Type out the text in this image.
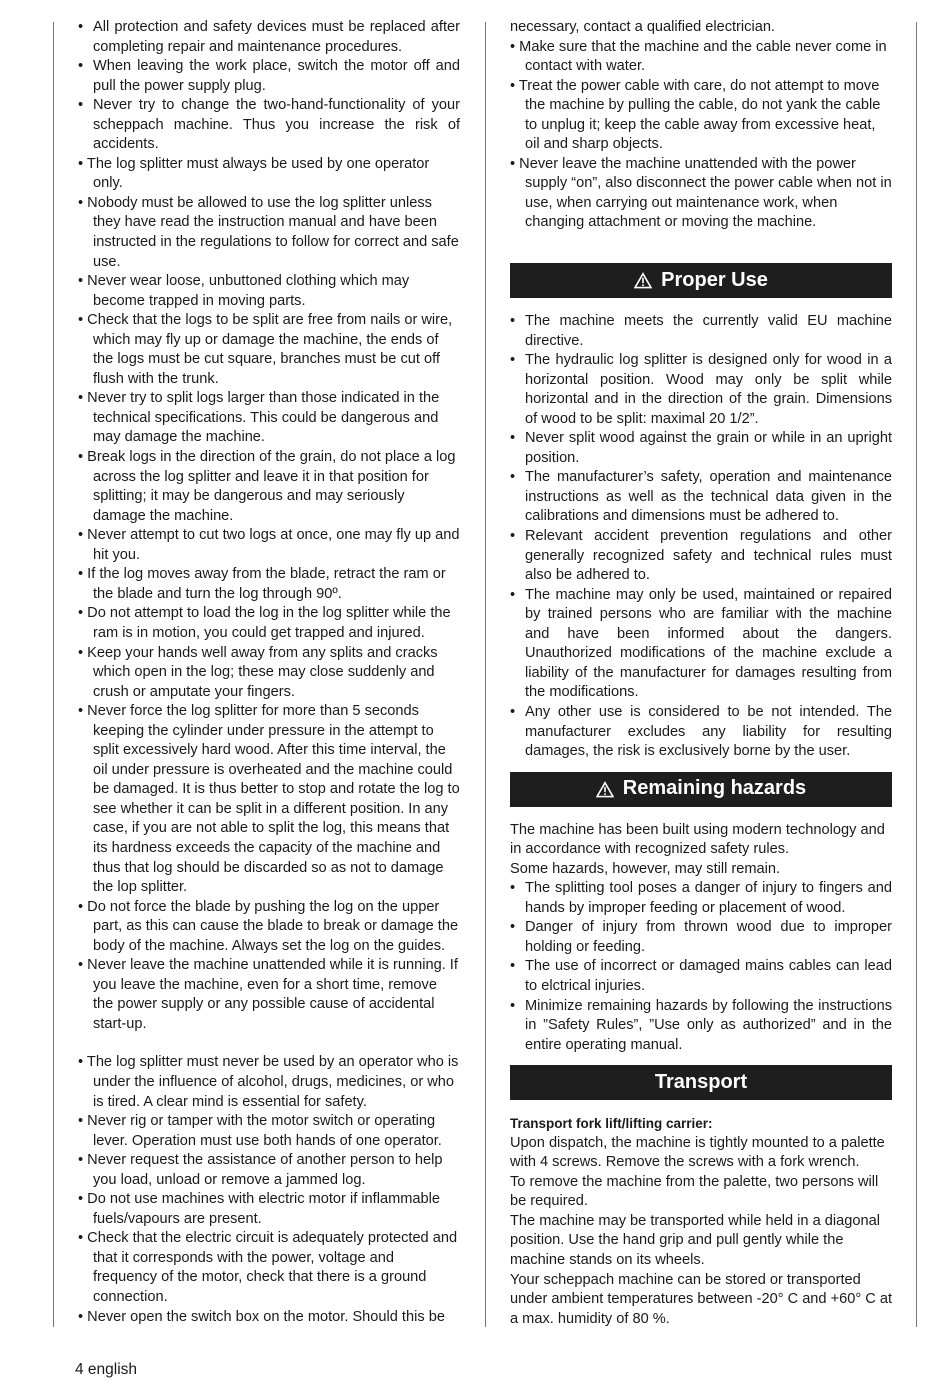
• All protection and safety devices must be replaced after completing repair and maintenance procedures.

• When leaving the work place, switch the motor off and pull the power supply plug.

• Never try to change the two-hand-functionality of your scheppach machine. Thus you increase the risk of accidents.

• The log splitter must always be used by one operator only.

• Nobody must be allowed to use the log splitter unless they have read the instruction manual and have been instructed in the regulations to follow for correct and safe use.

• Never wear loose, unbuttoned clothing which may become trapped in moving parts.

• Check that the logs to be split are free from nails or wire, which may fly up or damage the machine, the ends of the logs must be cut square, branches must be cut off flush with the trunk.

• Never try to split logs larger than those indicated in the technical specifications. This could be dangerous and may damage the machine.

• Break logs in the direction of the grain, do not place a log across the log splitter and leave it in that position for splitting; it may be dangerous and may seriously damage the machine.

• Never attempt to cut two logs at once, one may fly up and hit you.

• If the log moves away from the blade, retract the ram or the blade and turn the log through 90º.

• Do not attempt to load the log in the log splitter while the ram is in motion, you could get trapped and injured.

• Keep your hands well away from any splits and cracks which open in the log; these may close suddenly and crush or amputate your fingers.

• Never force the log splitter for more than 5 seconds keeping the cylinder under pressure in the attempt to split excessively hard wood. After this time interval, the oil under pressure is overheated and the machine could be damaged. It is thus better to stop and rotate the log to see whether it can be split in a different position. In any case, if you are not able to split the log, this means that its hardness exceeds the capacity of the machine and thus that log should be discarded so as not to damage the lop splitter.

• Do not force the blade by pushing the log on the upper part, as this can cause the blade to break or damage the body of the machine. Always set the log on the guides.

• Never leave the machine unattended while it is running. If you leave the machine, even for a short time, remove the power supply or any possible cause of accidental start-up.

• The log splitter must never be used by an operator who is under the influence of alcohol, drugs, medicines, or who is tired. A clear mind is essential for safety.

• Never rig or tamper with the motor switch or operating lever. Operation must use both hands of one operator.

• Never request the assistance of another person to help you load, unload or remove a jammed log.

• Do not use machines with electric motor if inflammable fuels/vapours are present.

• Check that the electric circuit is adequately protected and that it corresponds with the power, voltage and frequency of the motor, check that there is a ground connection.

• Never open the switch box on the motor. Should this be

necessary, contact a qualified electrician.

• Make sure that the machine and the cable never come in contact with water.

• Treat the power cable with care, do not attempt to move the machine by pulling the cable, do not yank the cable to unplug it; keep the cable away from excessive heat, oil and sharp objects.

• Never leave the machine unattended with the power supply “on”, also disconnect the power cable when not in use, when carrying out maintenance work, when changing attachment or moving the machine.

Proper Use

• The machine meets the currently valid EU machine directive.

• The hydraulic log splitter is designed only for wood in a horizontal position. Wood may only be split while horizontal and in the direction of the grain. Dimensions of wood to be split: maximal 20 1/2”.

• Never split wood against the grain or while in an upright position.

• The manufacturer’s safety, operation and maintenance instructions as well as the technical data given in the calibrations and dimensions must be adhered to.

• Relevant accident prevention regulations and other generally recognized safety and technical rules must also be adhered to.

• The machine may only be used, maintained or repaired by trained persons who are familiar with the machine and have been informed about the dangers. Unauthorized modifications of the machine exclude a liability of the manufacturer for damages resulting from the modifications.

• Any other use is considered to be not intended. The manufacturer excludes any liability for resulting damages, the risk is exclusively borne by the user.

Remaining hazards

The machine has been built using modern technology and in accordance with recognized safety rules.

Some hazards, however, may still remain.

• The splitting tool poses a danger of injury to fingers and hands by improper feeding or placement of wood.

• Danger of injury from thrown wood due to improper holding or feeding.

• The use of incorrect or damaged mains cables can lead to elctrical injuries.

• Minimize remaining hazards by following the instructions in ”Safety Rules”, ”Use only as authorized” and in the entire operating manual.

Transport

Transport fork lift/lifting carrier:

Upon dispatch, the machine is tightly mounted to a palette with 4 screws. Remove the screws with a fork wrench.

To remove the machine from the palette, two persons will be required.

The machine may be transported while held in a diagonal position. Use the hand grip and pull gently while the machine stands on its wheels.

Your scheppach machine can be stored or transported under ambient temperatures between -20° C and +60° C at a max. humidity of 80 %.

4 english
